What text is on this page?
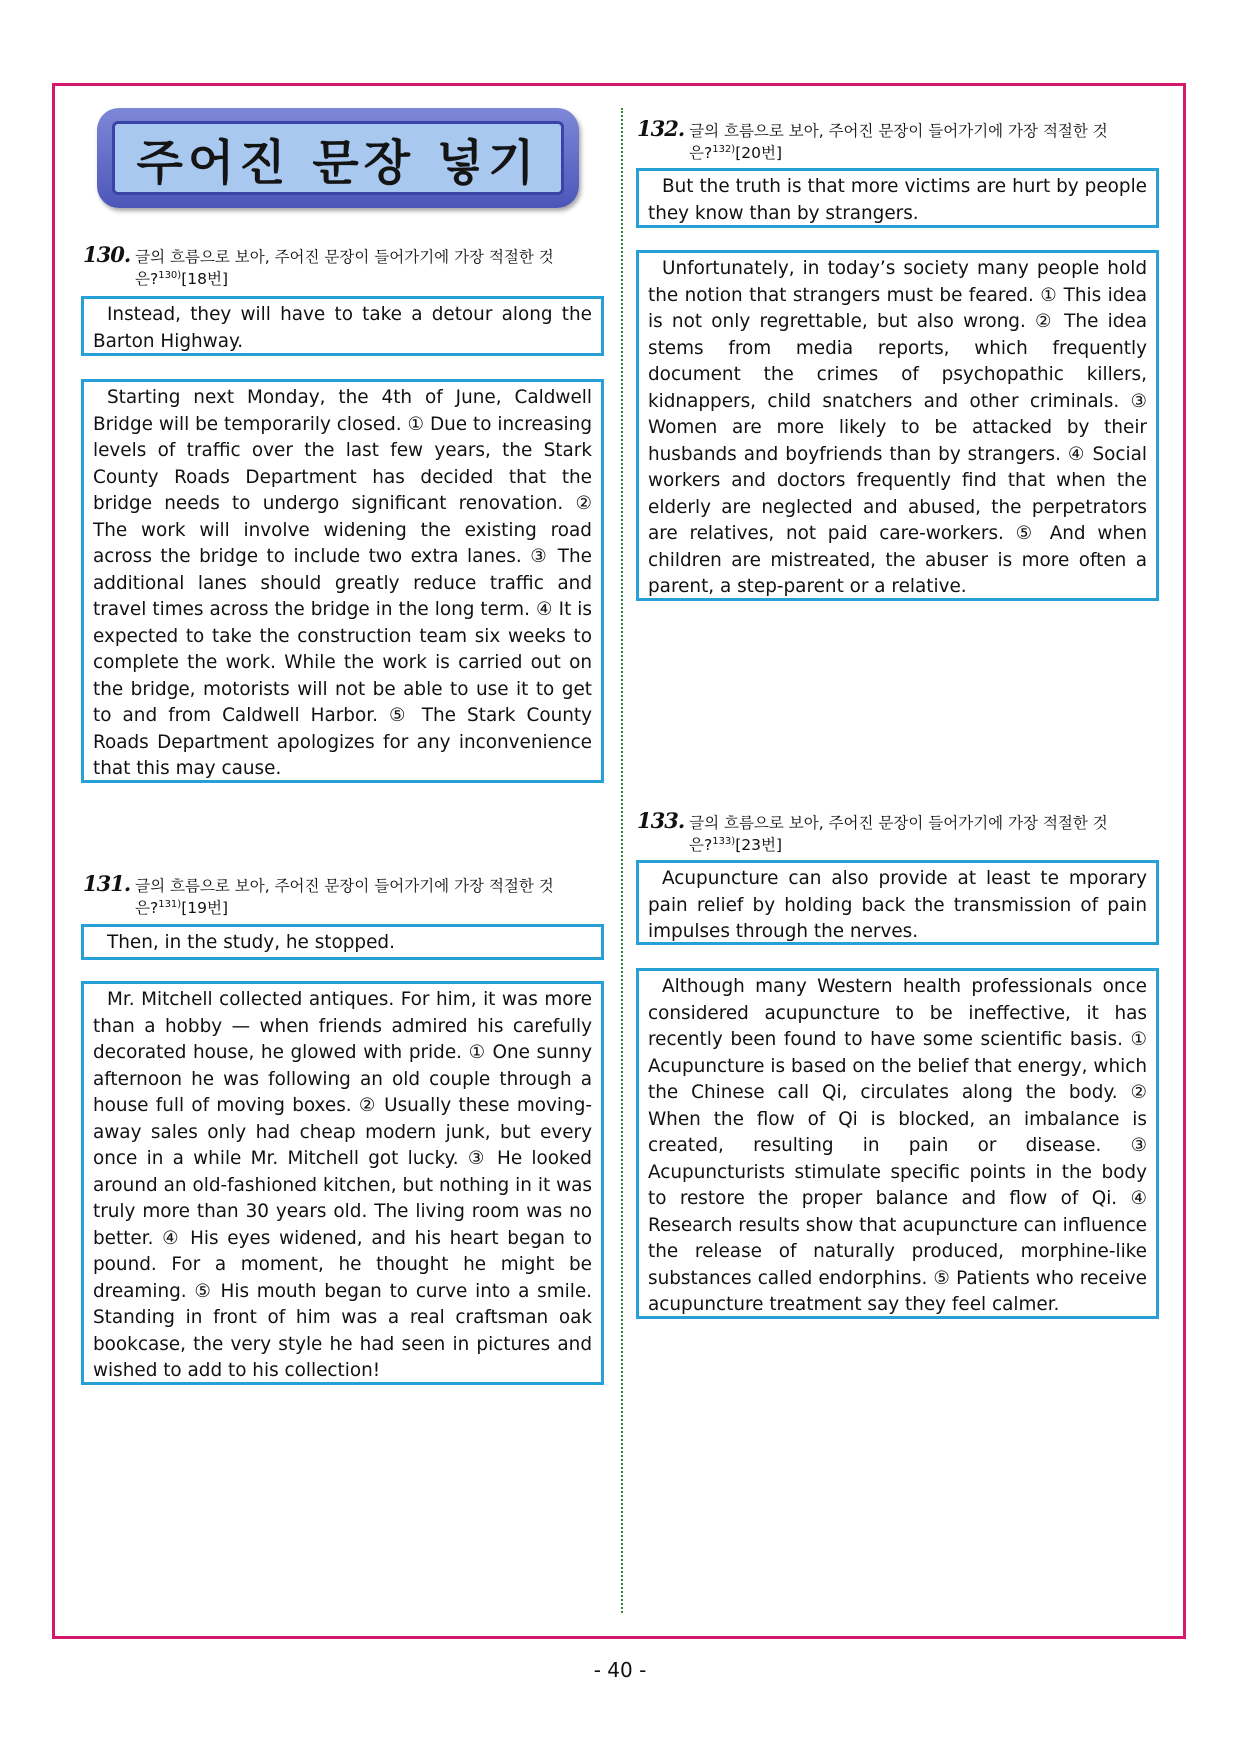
주어진 문장 넣기
130. 글의 흐름으로 보아, 주어진 문장이 들어가기에 가장 적절한 것
은?$^{130)}$[18번]
Instead, they will have to take a detour along the Barton Highway.
Starting next Monday, the 4th of June, Caldwell Bridge will be temporarily closed. ① Due to increasing levels of traffic over the last few years, the Stark County Roads Department has decided that the bridge needs to undergo significant renovation. ② The work will involve widening the existing road across the bridge to include two extra lanes. ③ The additional lanes should greatly reduce traffic and travel times across the bridge in the long term. ④ It is expected to take the construction team six weeks to complete the work. While the work is carried out on the bridge, motorists will not be able to use it to get to and from Caldwell Harbor. ⑤ The Stark County Roads Department apologizes for any inconvenience that this may cause.
131. 글의 흐름으로 보아, 주어진 문장이 들어가기에 가장 적절한 것
은?$^{131)}$[19번]
Then, in the study, he stopped.
Mr. Mitchell collected antiques. For him, it was more than a hobby — when friends admired his carefully decorated house, he glowed with pride. ① One sunny afternoon he was following an old couple through a house full of moving boxes. ② Usually these moving-away sales only had cheap modern junk, but every once in a while Mr. Mitchell got lucky. ③ He looked around an old-fashioned kitchen, but nothing in it was truly more than 30 years old. The living room was no better. ④ His eyes widened, and his heart began to pound. For a moment, he thought he might be dreaming. ⑤ His mouth began to curve into a smile. Standing in front of him was a real craftsman oak bookcase, the very style he had seen in pictures and wished to add to his collection!
132. 글의 흐름으로 보아, 주어진 문장이 들어가기에 가장 적절한 것
은?$^{132)}$[20번]
But the truth is that more victims are hurt by people they know than by strangers.
Unfortunately, in today’s society many people hold the notion that strangers must be feared. ① This idea is not only regrettable, but also wrong. ② The idea stems from media reports, which frequently document the crimes of psychopathic killers, kidnappers, child snatchers and other criminals. ③ Women are more likely to be attacked by their husbands and boyfriends than by strangers. ④ Social workers and doctors frequently find that when the elderly are neglected and abused, the perpetrators are relatives, not paid care-workers. ⑤ And when children are mistreated, the abuser is more often a parent, a step-parent or a relative.
133. 글의 흐름으로 보아, 주어진 문장이 들어가기에 가장 적절한 것
은?$^{133)}$[23번]
Acupuncture can also provide at least te mporary pain relief by holding back the transmission of pain impulses through the nerves.
Although many Western health professionals once considered acupuncture to be ineffective, it has recently been found to have some scientific basis. ① Acupuncture is based on the belief that energy, which the Chinese call Qi, circulates along the body. ② When the flow of Qi is blocked, an imbalance is created, resulting in pain or disease. ③ Acupuncturists stimulate specific points in the body to restore the proper balance and flow of Qi. ④ Research results show that acupuncture can influence the release of naturally produced, morphine-like substances called endorphins. ⑤ Patients who receive acupuncture treatment say they feel calmer.
- 40 -
